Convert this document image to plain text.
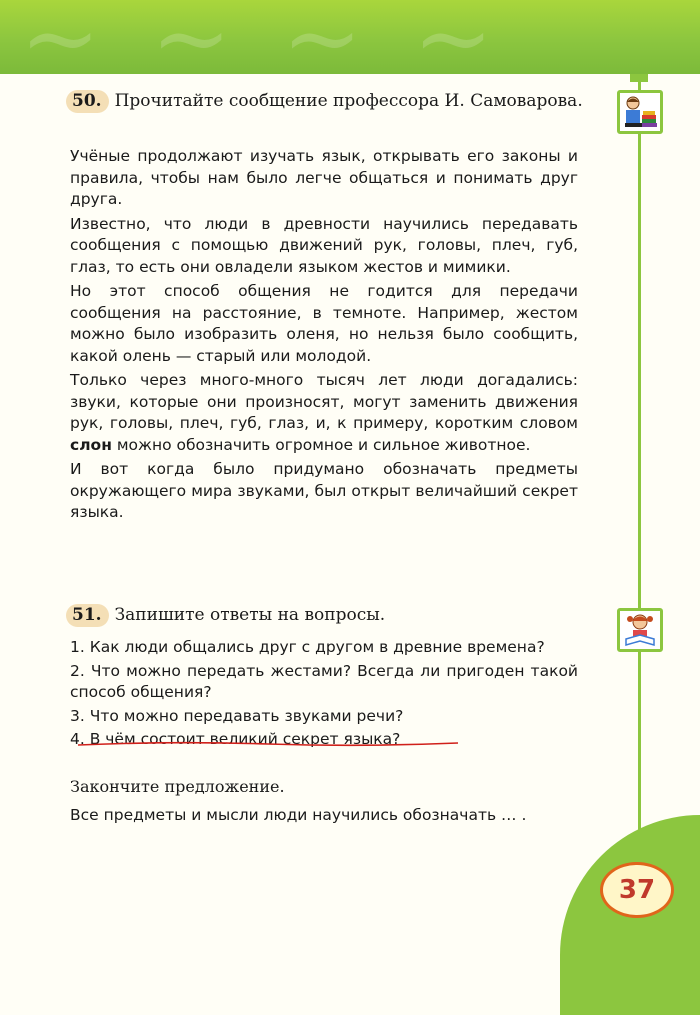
~ ~ ~ ~
50. Прочитайте сообщение профессора И. Самоварова.

Учёные продолжают изучать язык, открывать его законы и правила, чтобы нам было легче общаться и понимать друг друга.

Известно, что люди в древности научились передавать сообщения с помощью движений рук, головы, плеч, губ, глаз, то есть они овладели языком жестов и мимики.

Но этот способ общения не годится для передачи сообщения на расстояние, в темноте. Например, жестом можно было изобразить оленя, но нельзя было сообщить, какой олень — старый или молодой.

Только через много-много тысяч лет люди догадались: звуки, которые они произносят, могут заменить движения рук, головы, плеч, губ, глаз, и, к примеру, коротким словом слон можно обозначить огромное и сильное животное.

И вот когда было придумано обозначать предметы окружающего мира звуками, был открыт величайший секрет языка.

51. Запишите ответы на вопросы.

1. Как люди общались друг с другом в древние времена?

2. Что можно передать жестами? Всегда ли пригоден такой способ общения?

3. Что можно передавать звуками речи?

4. В чём состоит великий секрет языка?

Закончите предложение.

Все предметы и мысли люди научились обозначать … .

37
